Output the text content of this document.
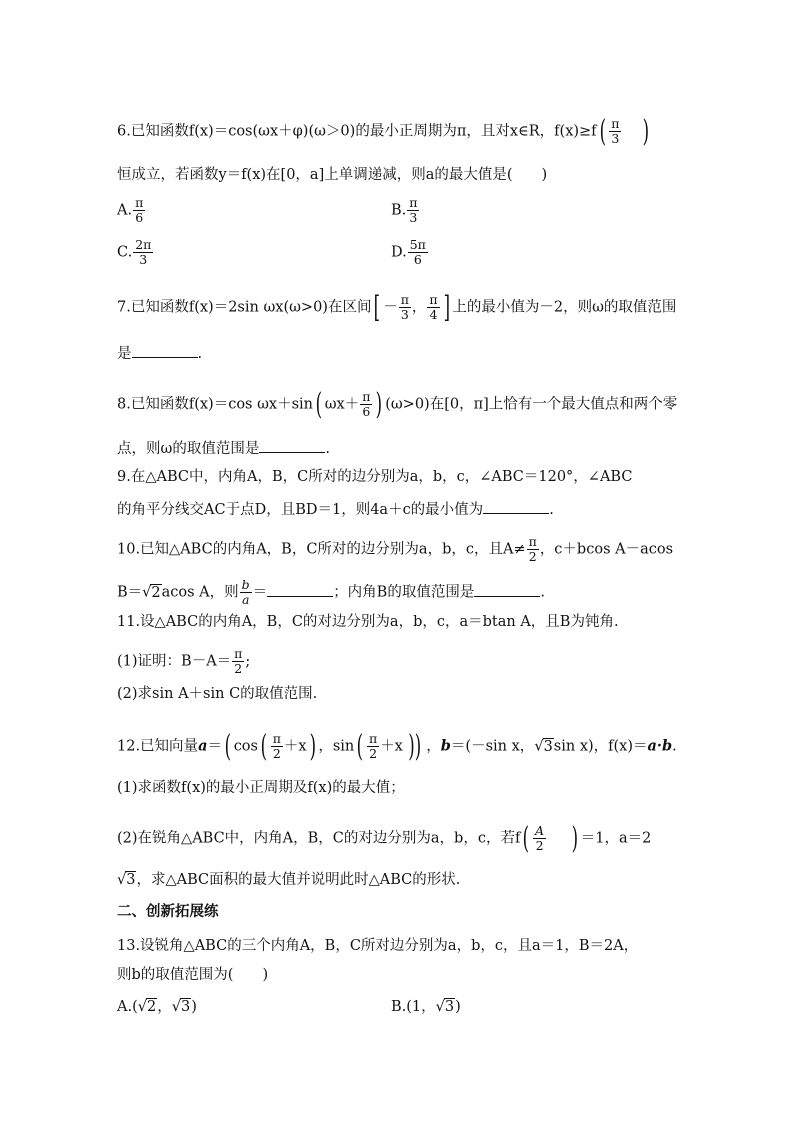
6.已知函数f(x)＝cos(ωx＋φ)(ω＞0)的最小正周期为π，且对x∈R，$f(x)\ge f( \frac{\pi}{3}$ )
恒成立，若函数y＝f(x)在[0，a]上单调递减，则a的最大值是(　　)
A. $\frac{\pi}{6}$	B. $\frac{\pi}{3}$
C. $\frac{2\pi}{3}$	D. $\frac{5\pi}{6}$
7.已知函数f(x)＝2sin ωx(ω>0)在区间[ － $\frac{\pi}{3}$ ， $\frac{\pi}{4}$ ] 上的最小值为－2，则ω的取值范围
是	.
8.已知函数f(x)＝cos ωx＋sin( $\omega x+ \frac{\pi}{6}$ ) (ω>0)在[0，π]上恰有一个最大值点和两个零
点，则ω的取值范围是	.
9.在△ABC中，内角A，B，C所对的边分别为a，b，c，∠ABC＝120°，∠ABC
的角平分线交AC于点D，且BD＝1，则4a＋c的最小值为	.
10.已知△ABC的内角A，B，C所对的边分别为a，b，c，且$A\ne \frac{\pi}{2}$ ，c＋bcos A－acos
B＝√2acos A，则 $\frac{b}{a}$ ＝	；内角B的取值范围是	.
11.设△ABC的内角A，B，C的对边分别为a，b，c，a＝btan A，且B为钝角.
(1)证明：$B-A= \frac{\pi}{2}$ ;
(2)求sin A＋sin C的取值范围.
12.已知向量a＝( $\cos( \frac{\pi}{2} +x)$ ，$\sin( \frac{\pi}{2} +x$ )) ，b＝(－sin x，√3sin x)，f(x)＝a·b.
(1)求函数f(x)的最小正周期及f(x)的最大值；
(2)在锐角△ABC中，内角A，B，C的对边分别为a，b，c，若$f( \frac{A}{2}$ ) ＝1，a＝2
√3，求△ABC面积的最大值并说明此时△ABC的形状.
二、创新拓展练
13.设锐角△ABC的三个内角A，B，C所对边分别为a，b，c，且a＝1，B＝2A，
则b的取值范围为(　　)
A.(√2，√3)	B.(1，√3)
